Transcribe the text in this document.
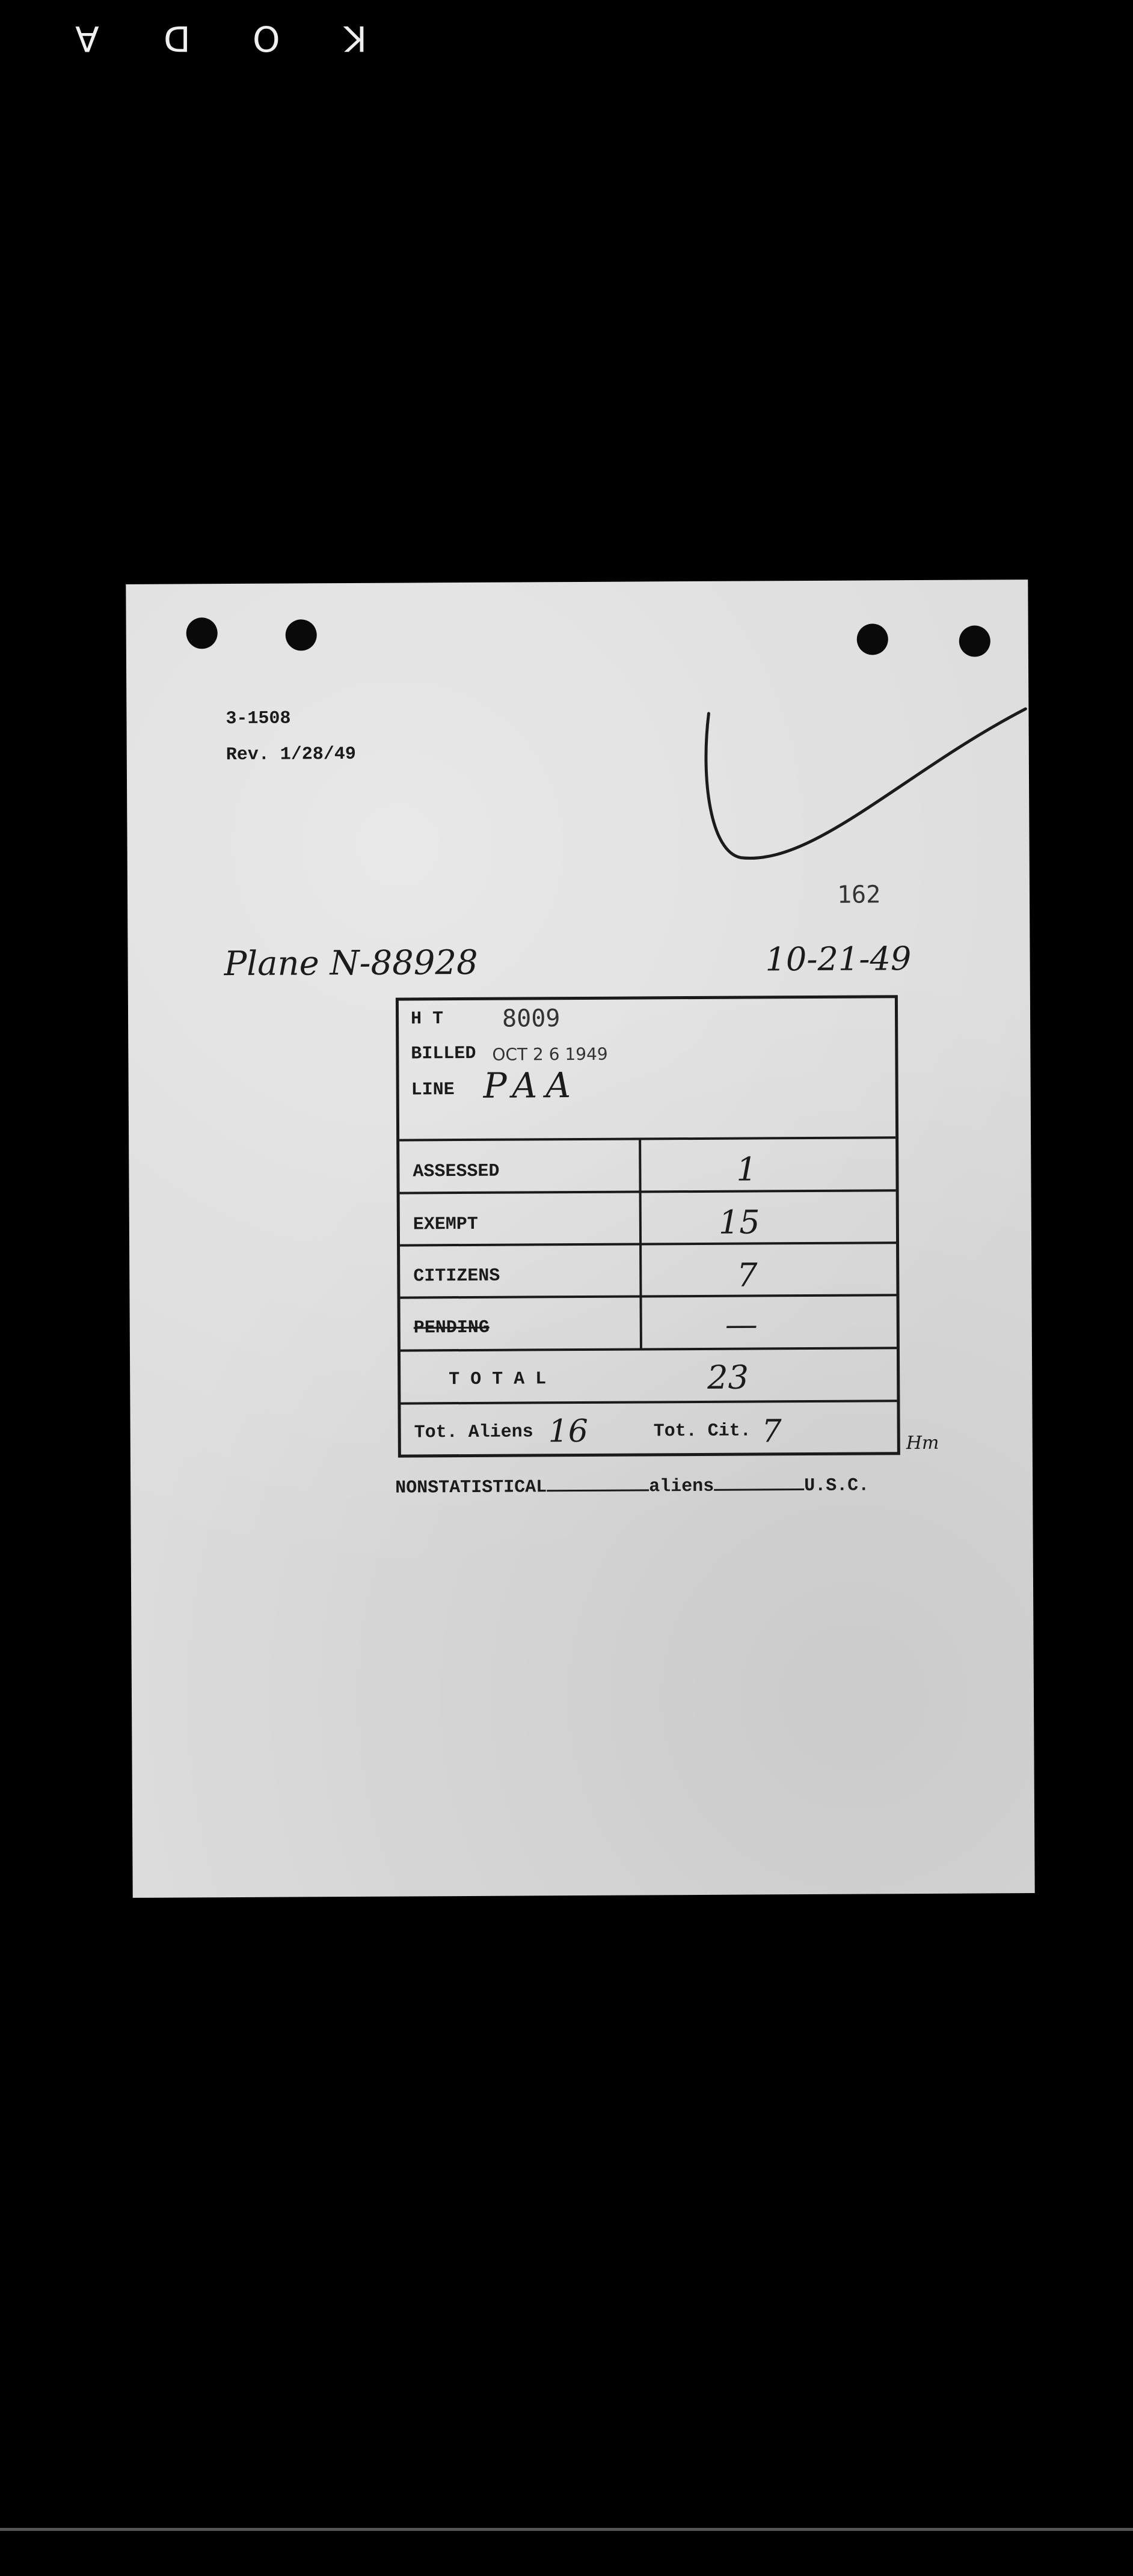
K
O
D
A
3-1508
Rev. 1/28/49
162
Plane N-88928	10-21-49
H T 8009
BILLED OCT 2 6 1949
LINE PAA
ASSESSED	1
EXEMPT	15
CITIZENS	7
PENDING	—
T O T A L	23
Tot. Aliens 16	Tot. Cit. 7	Hm
NONSTATISTICAL	aliens	U.S.C.
